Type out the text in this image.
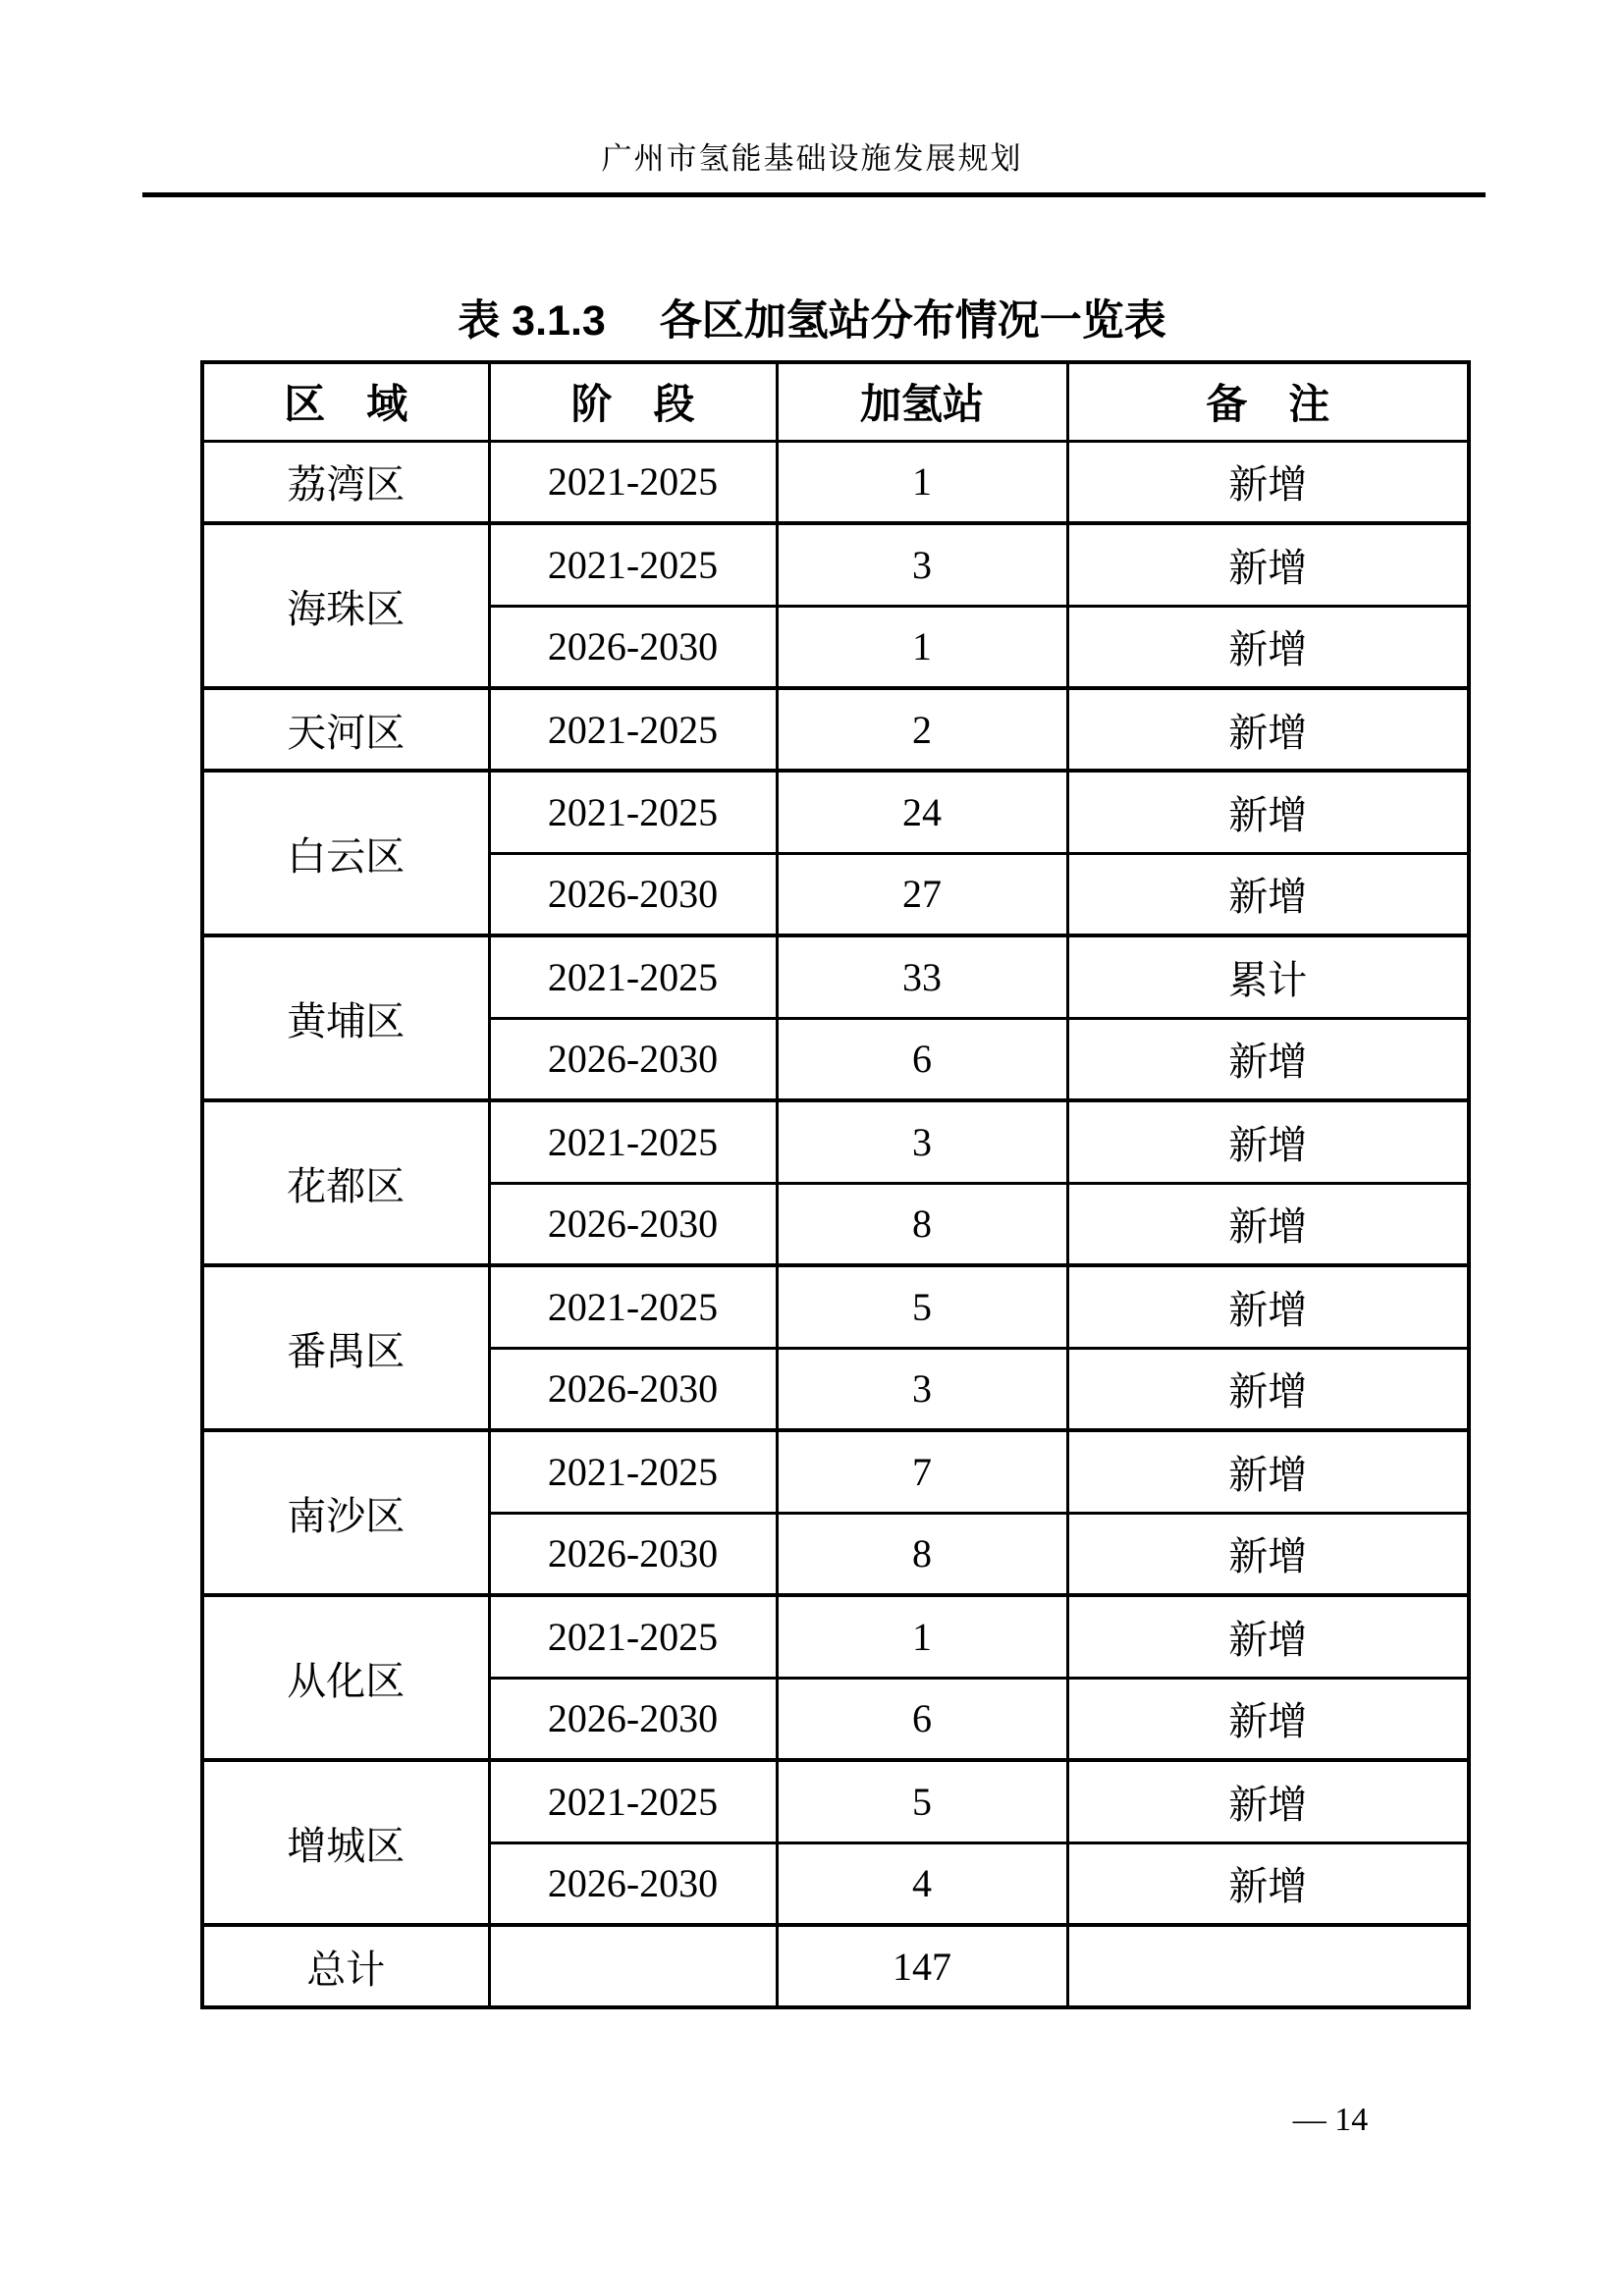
广州市氢能基础设施发展规划
表 3.1.3　 各区加氢站分布情况一览表
区　域	阶　段	加氢站	备　注
荔湾区	2021-2025	1	新增
海珠区	2021-2025	3	新增
	2026-2030	1	新增
天河区	2021-2025	2	新增
白云区	2021-2025	24	新增
	2026-2030	27	新增
黄埔区	2021-2025	33	累计
	2026-2030	6	新增
花都区	2021-2025	3	新增
	2026-2030	8	新增
番禺区	2021-2025	5	新增
	2026-2030	3	新增
南沙区	2021-2025	7	新增
	2026-2030	8	新增
从化区	2021-2025	1	新增
	2026-2030	6	新增
增城区	2021-2025	5	新增
	2026-2030	4	新增
总计		147	
— 14
